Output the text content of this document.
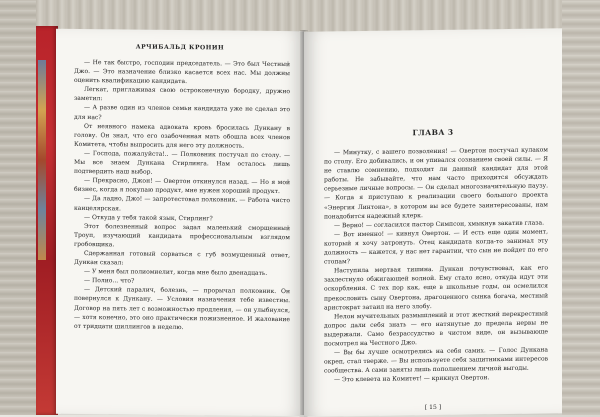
АРЧИБАЛЬД КРОНИН

— Не так быстро, господин председатель. — Это был Честный Джо. — Это назначение близко касается всех нас. Мы должны оценить квалификацию кандидата.

Легкат, приглаживая свою остроконечную бородку, дружно заметил:

— А разве один из членов семьи кандидата уже не сделал это для нас?

От неявного намека адвоката кровь бросилась Дункану в голову. Он знал, что его озабоченная мать обошла всех членов Комитета, чтобы выпросить для него эту должность.

— Господа, пожалуйста!.. — Полковник постучал по столу. — Мы все знаем Дункана Стирлинга. Нам осталось лишь подтвердить наш выбор.

— Прекрасно, Джон! — Овертон откинулся назад. — Но я мой бизнес, когда я покупаю продукт, мне нужен хороший продукт.

— Да ладно, Джо! — запротестовал полковник. — Работа чисто канцелярская.

— Откуда у тебя такой язык, Стирлинг?

Этот болезненный вопрос задал маленький сморщенный Троуп, изучающий кандидата профессиональным взглядом гробовщика.

Сдержанная готовый сорваться с губ возмущенный ответ, Дункан сказал:

— У меня был полиомиелит, когда мне было двенадцать.

— Полио... что?

— Детский паралич, болезнь, — прорычал полковник. Он повернулся к Дункану. — Условия назначения тебе известны. Договор на пять лет с возможностью продления, — он улыбнулся, — хотя конечно, это оно практически пожизненное. И жалование от тридцати шиллингов в неделю.

ГЛАВА 3

— Минутку, с вашего позволения! — Овертон постучал кулаком по столу. Его добивались, и он упивался сознанием своей силы. — Я не ставлю сомнению, подходит ли данный кандидат для этой работы. Не забывайте, что нам часто приходится обсуждать серьезные личные вопросы. — Он сделал многозначительную паузу. — Когда я приступаю к реализации своего большого проекта «Энергия Линтона», в котором вы все будете заинтересованы, нам понадобится надежный клерк.

— Верно! — согласился пастор Симпсон, хмыкнув закатив глаза.

— Вот именно! — кивнул Овертон. — И есть еще один момент, который я хочу затронуть. Отец кандидата когда-то занимал эту должность — кажется, у нас нет гарантии, что сын не пойдет по его стопам?

Наступила мертвая тишина. Дункан почувствовал, как его захлестнуло обжигающей волной. Ему стало ясно, откуда идут эти оскорбления. С тех пор как, еще в школьные годы, он осмелился прекословить сыну Овертона, драгоценного сынка богача, местный аристократ затаил на него злобу.

Нелон мучительных размышлений и этот жесткий перекрестный допрос дали себя знать — его натянутые до предела нервы не выдержали. Само безрассудство в чистом виде, он вызывающе посмотрел на Честного Джо.

— Вы бы лучше осмотрелись на себя самих. — Голос Дункана окреп, стал тверже. — Вы используете себя защитниками интересов сообщества. А сами заняты лишь пополнением личной выгоды.

— Это клевета на Комитет! — крикнул Овертон.

[ 15 ]
